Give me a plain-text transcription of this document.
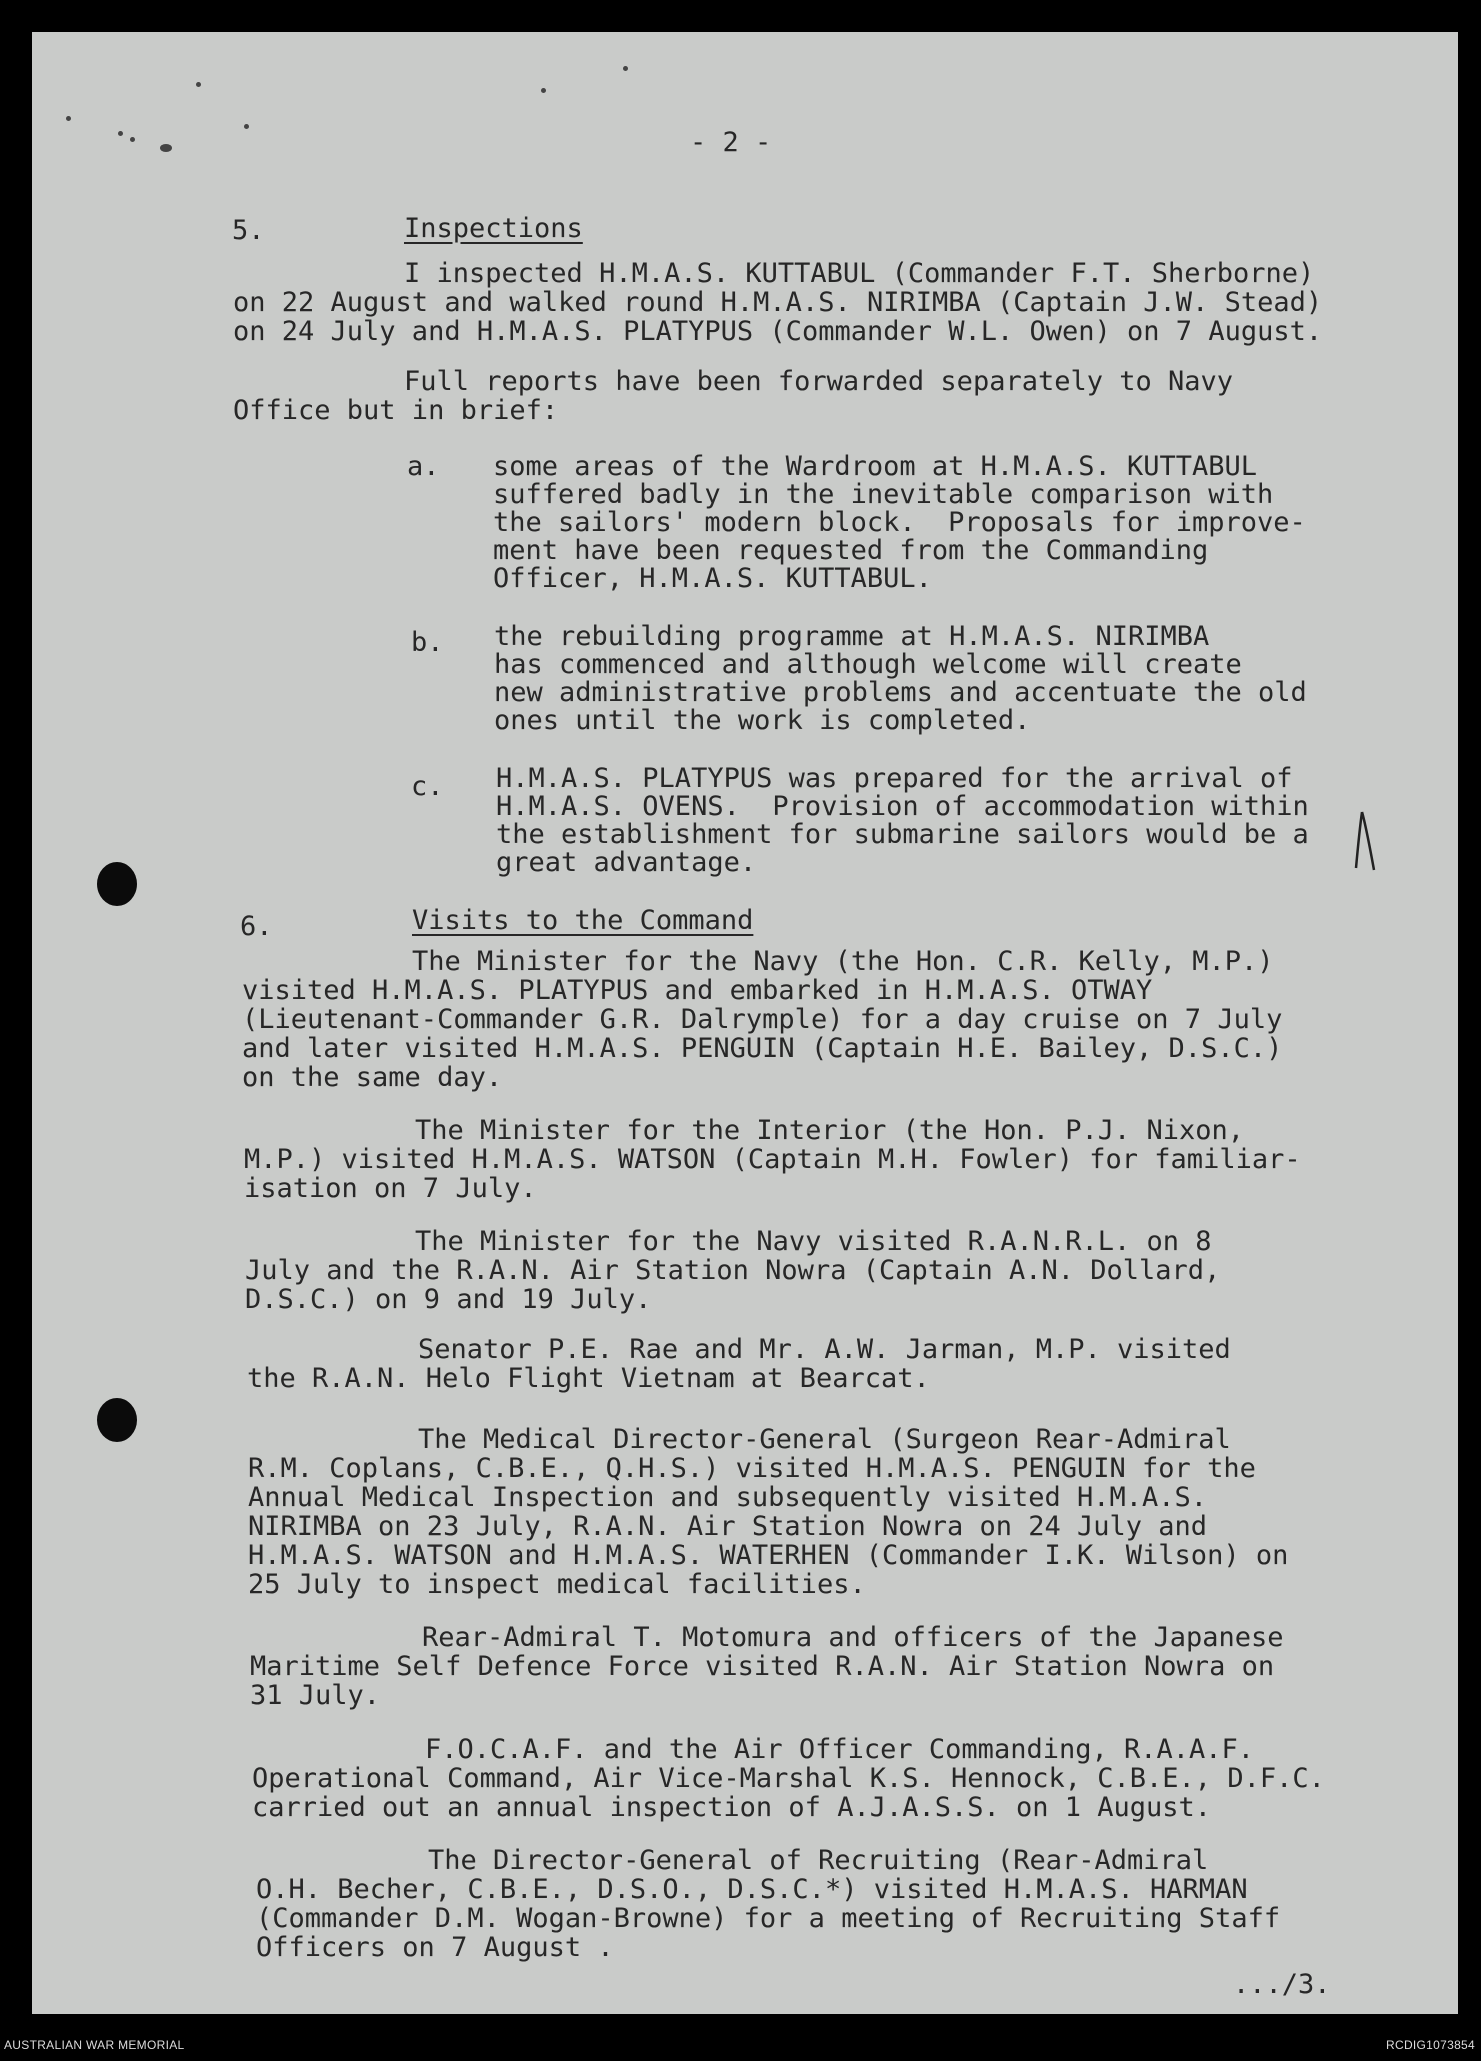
- 2 -
5.	Inspections
I inspected H.M.A.S. KUTTABUL (Commander F.T. Sherborne)
on 22 August and walked round H.M.A.S. NIRIMBA (Captain J.W. Stead)
on 24 July and H.M.A.S. PLATYPUS (Commander W.L. Owen) on 7 August.
Full reports have been forwarded separately to Navy
Office but in brief:
a. some areas of the Wardroom at H.M.A.S. KUTTABUL
suffered badly in the inevitable comparison with
the sailors' modern block.  Proposals for improve-
ment have been requested from the Commanding
Officer, H.M.A.S. KUTTABUL.
b. the rebuilding programme at H.M.A.S. NIRIMBA
has commenced and although welcome will create
new administrative problems and accentuate the old
ones until the work is completed.
c. H.M.A.S. PLATYPUS was prepared for the arrival of
H.M.A.S. OVENS.  Provision of accommodation within
the establishment for submarine sailors would be a
great advantage.
6.	Visits to the Command
The Minister for the Navy (the Hon. C.R. Kelly, M.P.)
visited H.M.A.S. PLATYPUS and embarked in H.M.A.S. OTWAY
(Lieutenant-Commander G.R. Dalrymple) for a day cruise on 7 July
and later visited H.M.A.S. PENGUIN (Captain H.E. Bailey, D.S.C.)
on the same day.
The Minister for the Interior (the Hon. P.J. Nixon,
M.P.) visited H.M.A.S. WATSON (Captain M.H. Fowler) for familiar-
isation on 7 July.
The Minister for the Navy visited R.A.N.R.L. on 8
July and the R.A.N. Air Station Nowra (Captain A.N. Dollard,
D.S.C.) on 9 and 19 July.
Senator P.E. Rae and Mr. A.W. Jarman, M.P. visited
the R.A.N. Helo Flight Vietnam at Bearcat.
The Medical Director-General (Surgeon Rear-Admiral
R.M. Coplans, C.B.E., Q.H.S.) visited H.M.A.S. PENGUIN for the
Annual Medical Inspection and subsequently visited H.M.A.S.
NIRIMBA on 23 July, R.A.N. Air Station Nowra on 24 July and
H.M.A.S. WATSON and H.M.A.S. WATERHEN (Commander I.K. Wilson) on
25 July to inspect medical facilities.
Rear-Admiral T. Motomura and officers of the Japanese
Maritime Self Defence Force visited R.A.N. Air Station Nowra on
31 July.
F.O.C.A.F. and the Air Officer Commanding, R.A.A.F.
Operational Command, Air Vice-Marshal K.S. Hennock, C.B.E., D.F.C.
carried out an annual inspection of A.J.A.S.S. on 1 August.
The Director-General of Recruiting (Rear-Admiral
O.H. Becher, C.B.E., D.S.O., D.S.C.*) visited H.M.A.S. HARMAN
(Commander D.M. Wogan-Browne) for a meeting of Recruiting Staff
Officers on 7 August .
.../3.
AUSTRALIAN WAR MEMORIAL	RCDIG1073854
